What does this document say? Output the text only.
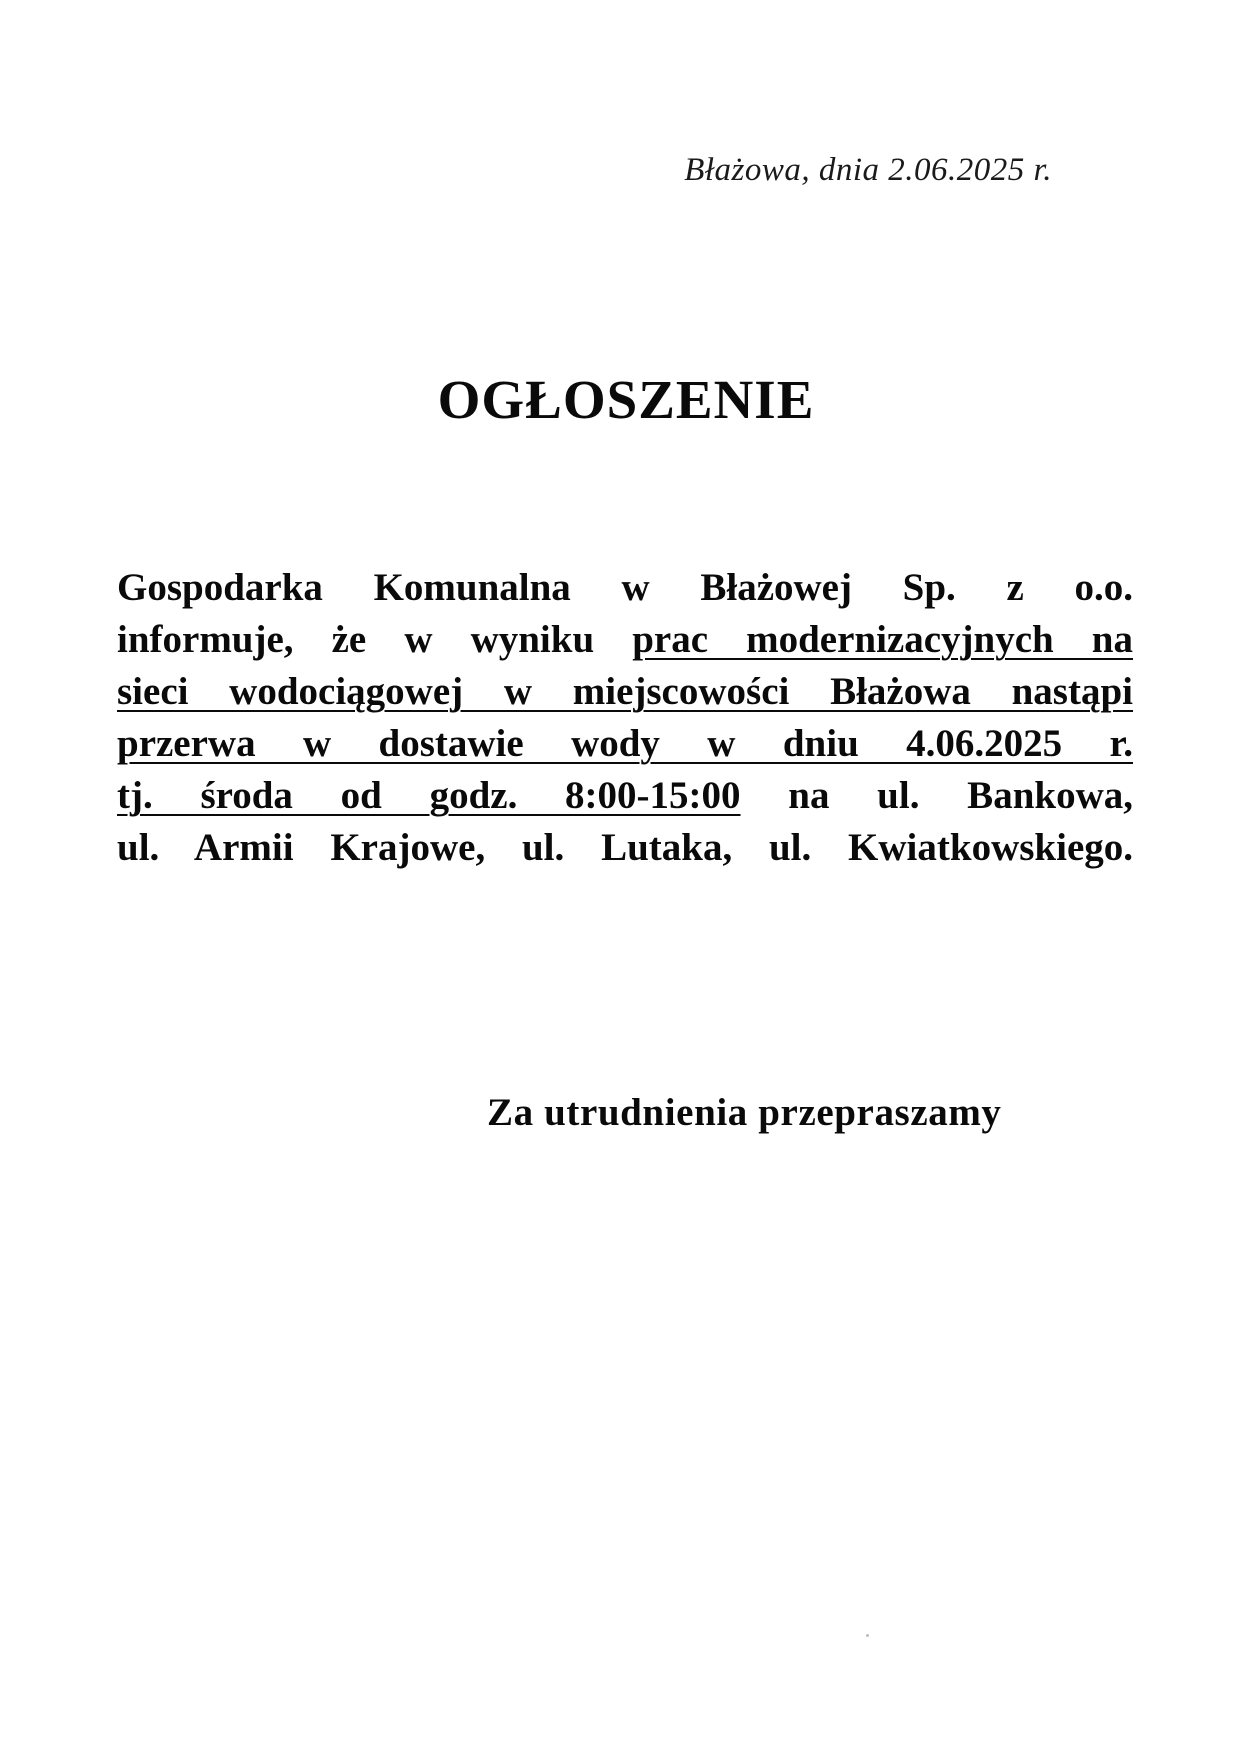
Błażowa, dnia 2.06.2025 r.
OGŁOSZENIE
Gospodarka Komunalna w Błażowej Sp. z o.o.
informuje, że w wyniku prac modernizacyjnych na
sieci wodociągowej w miejscowości Błażowa nastąpi
przerwa w dostawie wody w dniu 4.06.2025 r.
tj. środa od godz. 8:00-15:00 na ul. Bankowa,
ul. Armii Krajowe, ul. Lutaka, ul. Kwiatkowskiego.
Za utrudnienia przepraszamy
